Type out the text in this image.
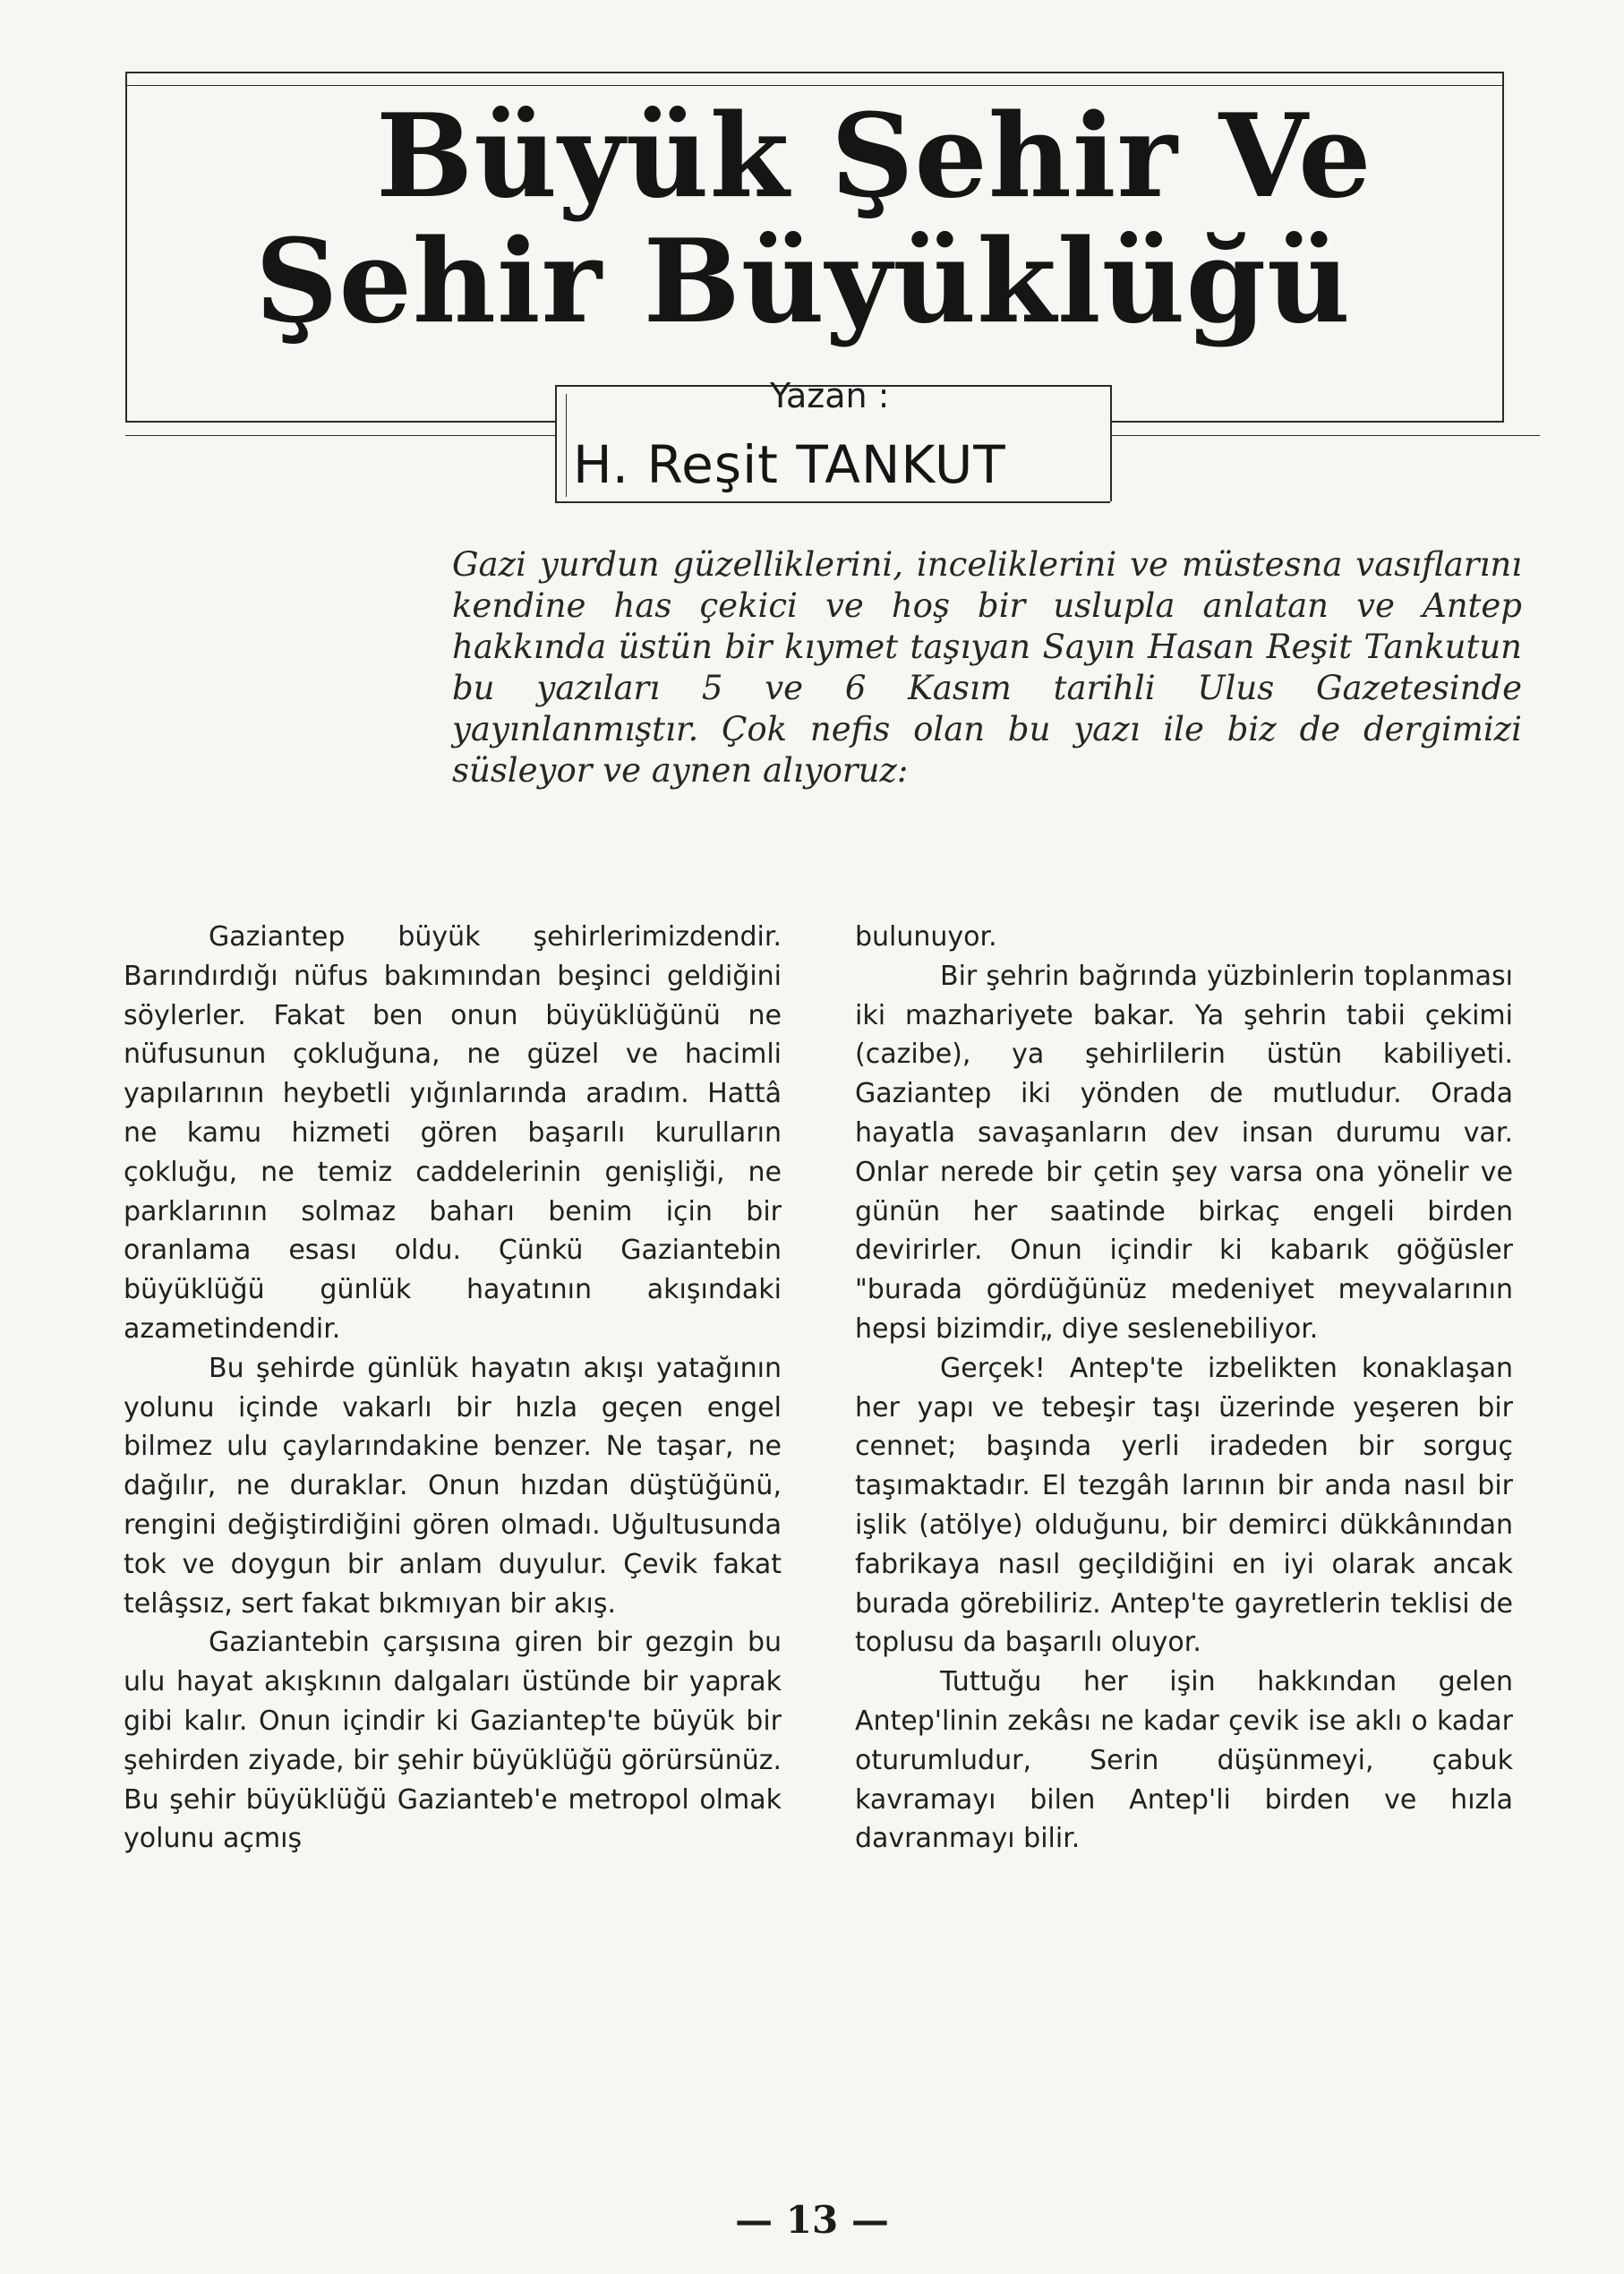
Büyük Şehir Ve
Şehir Büyüklüğü
Yazan :
H. Reşit TANKUT
Gazi yurdun güzelliklerini, inceliklerini ve müstesna vasıflarını kendine has çekici ve hoş bir uslupla anlatan ve Antep hakkında üstün bir kıymet taşıyan Sayın Hasan Reşit Tankutun bu yazıları 5 ve 6 Kasım tarihli Ulus Gazetesinde yayınlanmıştır. Çok nefis olan bu yazı ile biz de dergimizi süsleyor ve aynen alıyoruz:

Gaziantep büyük şehirlerimizdendir. Barındırdığı nüfus bakımından beşinci geldiğini söylerler. Fakat ben onun büyüklüğünü ne nüfusunun çokluğuna, ne güzel ve hacimli yapılarının heybetli yığınlarında aradım. Hattâ ne kamu hizmeti gören başarılı kurulların çokluğu, ne temiz caddelerinin genişliği, ne parklarının solmaz baharı benim için bir oranlama esası oldu. Çünkü Gaziantebin büyüklüğü günlük hayatının akışındaki azametindendir.

Bu şehirde günlük hayatın akışı yatağının yolunu içinde vakarlı bir hızla geçen engel bilmez ulu çaylarındakine benzer. Ne taşar, ne dağılır, ne duraklar. Onun hızdan düştüğünü, rengini değiştirdiğini gören olmadı. Uğultusunda tok ve doygun bir anlam duyulur. Çevik fakat telâşsız, sert fakat bıkmıyan bir akış.

Gaziantebin çarşısına giren bir gezgin bu ulu hayat akışkının dalgaları üstünde bir yaprak gibi kalır. Onun içindir ki Gaziantep'te büyük bir şehirden ziyade, bir şehir büyüklüğü görürsünüz. Bu şehir büyüklüğü Gazianteb'e metropol olmak yolunu açmış

bulunuyor.

Bir şehrin bağrında yüzbinlerin toplanması iki mazhariyete bakar. Ya şehrin tabii çekimi (cazibe), ya şehirlilerin üstün kabiliyeti. Gaziantep iki yönden de mutludur. Orada hayatla savaşanların dev insan durumu var. Onlar nerede bir çetin şey varsa ona yönelir ve günün her saatinde birkaç engeli birden devirirler. Onun içindir ki kabarık göğüsler "burada gördüğünüz medeniyet meyvalarının hepsi bizimdir„ diye seslenebiliyor.

Gerçek! Antep'te izbelikten konaklaşan her yapı ve tebeşir taşı üzerinde yeşeren bir cennet; başında yerli iradeden bir sorguç taşımaktadır. El tezgâh larının bir anda nasıl bir işlik (atölye) olduğunu, bir demirci dükkânından fabrikaya nasıl geçildiğini en iyi olarak ancak burada görebiliriz. Antep'te gayretlerin teklisi de toplusu da başarılı oluyor.

Tuttuğu her işin hakkından gelen Antep'linin zekâsı ne kadar çevik ise aklı o kadar oturumludur, Serin düşünmeyi, çabuk kavramayı bilen Antep'li birden ve hızla davranmayı bilir.

— 13 —
